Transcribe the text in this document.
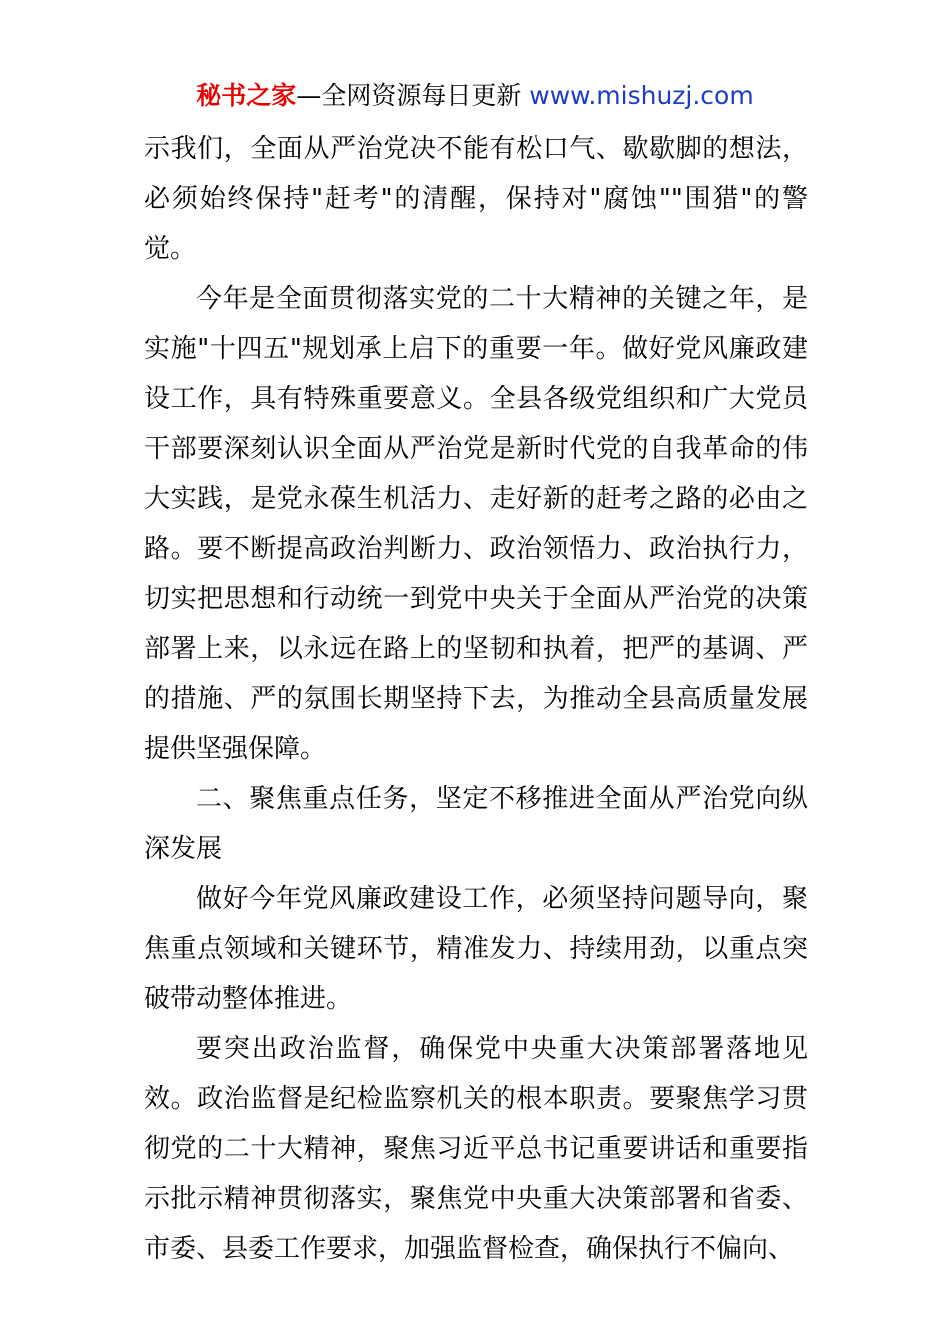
秘书之家—全网资源每日更新 www.mishuzj.com

示我们，全面从严治党决不能有松口气、歇歇脚的想法，必须始终保持"赶考"的清醒，保持对"腐蚀""围猎"的警觉。

今年是全面贯彻落实党的二十大精神的关键之年，是实施"十四五"规划承上启下的重要一年。做好党风廉政建设工作，具有特殊重要意义。全县各级党组织和广大党员干部要深刻认识全面从严治党是新时代党的自我革命的伟大实践，是党永葆生机活力、走好新的赶考之路的必由之路。要不断提高政治判断力、政治领悟力、政治执行力，切实把思想和行动统一到党中央关于全面从严治党的决策部署上来，以永远在路上的坚韧和执着，把严的基调、严的措施、严的氛围长期坚持下去，为推动全县高质量发展提供坚强保障。

二、聚焦重点任务，坚定不移推进全面从严治党向纵深发展

做好今年党风廉政建设工作，必须坚持问题导向，聚焦重点领域和关键环节，精准发力、持续用劲，以重点突破带动整体推进。

要突出政治监督，确保党中央重大决策部署落地见效。政治监督是纪检监察机关的根本职责。要聚焦学习贯彻党的二十大精神，聚焦习近平总书记重要讲话和重要指示批示精神贯彻落实，聚焦党中央重大决策部署和省委、市委、县委工作要求，加强监督检查，确保执行不偏向、
